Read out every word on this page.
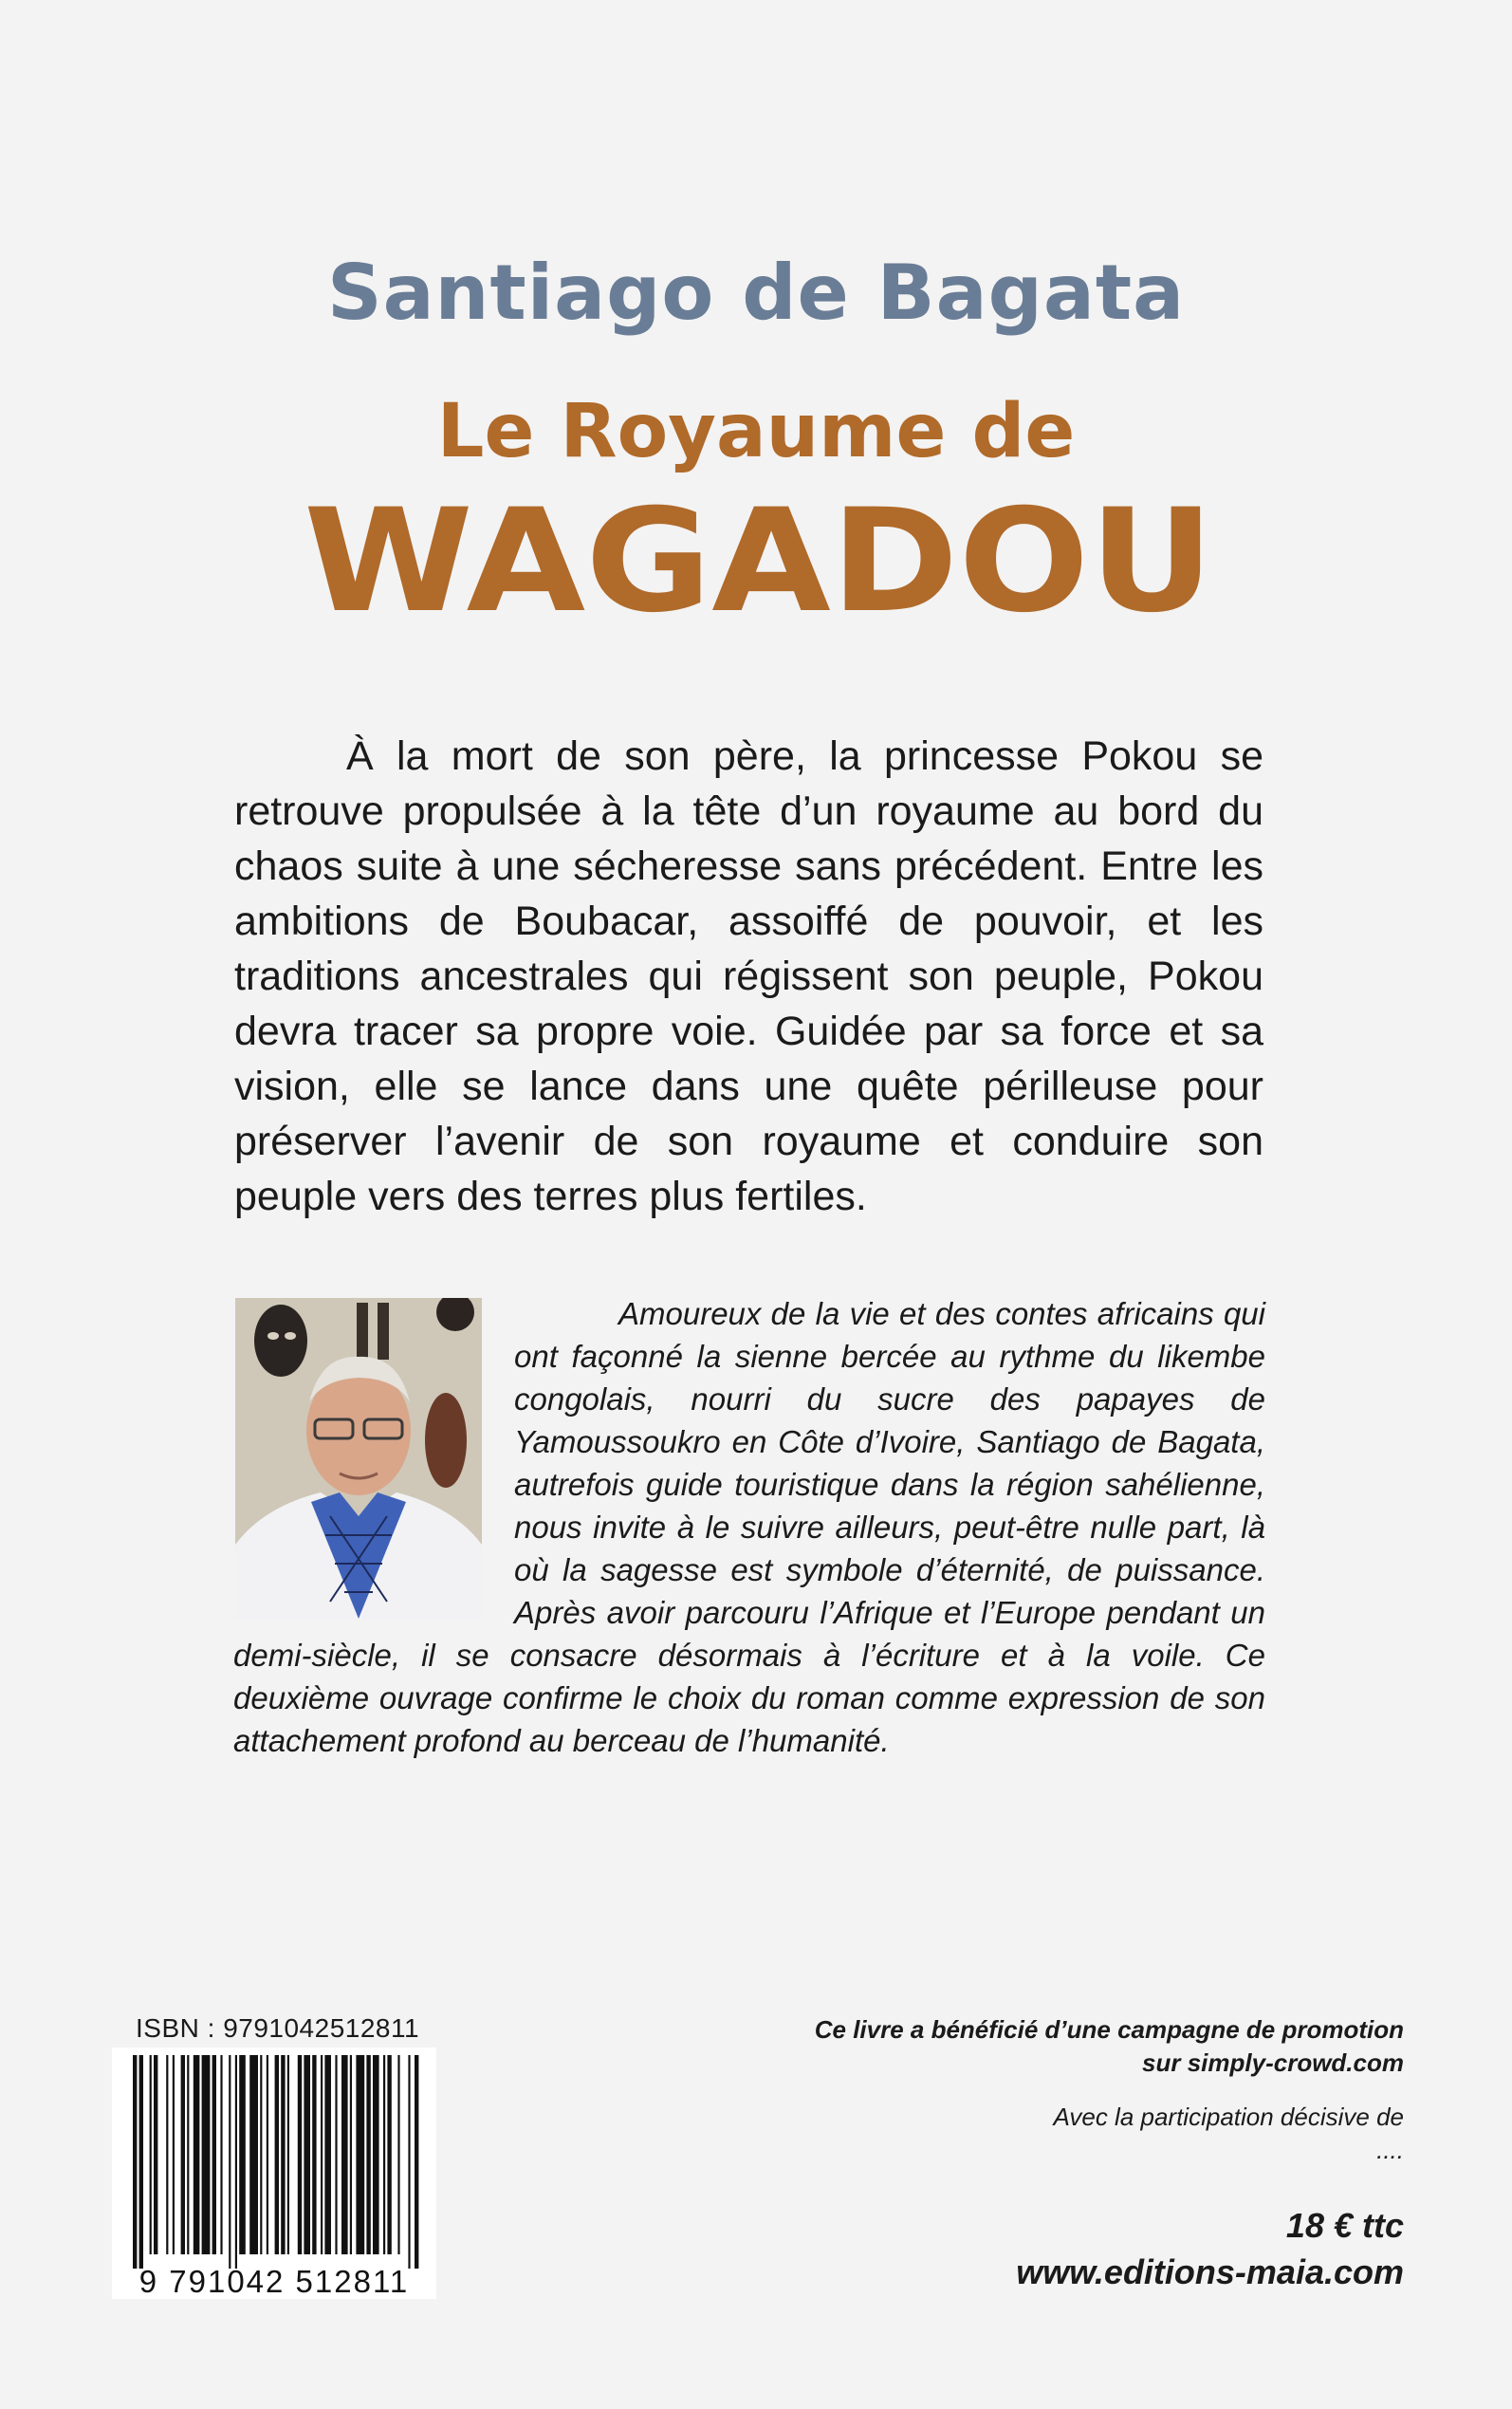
Santiago de Bagata
Le Royaume de
WAGADOU

À la mort de son père, la princesse Pokou se retrouve propulsée à la tête d’un royaume au bord du chaos suite à une sécheresse sans précédent. Entre les ambitions de Boubacar, assoiffé de pouvoir, et les traditions ancestrales qui régissent son peuple, Pokou devra tracer sa propre voie. Guidée par sa force et sa vision, elle se lance dans une quête périlleuse pour préserver l’avenir de son royaume et conduire son peuple vers des terres plus fertiles.

Amoureux de la vie et des contes africains qui ont façonné la sienne bercée au rythme du likembe congolais, nourri du sucre des papayes de Yamoussoukro en Côte d’Ivoire, Santiago de Bagata, autrefois guide touristique dans la région sahélienne, nous invite à le suivre ailleurs, peut-être nulle part, là où la sagesse est symbole d’éternité, de puissance. Après avoir parcouru l’Afrique et l’Europe pendant un demi-siècle, il se consacre désormais à l’écriture et à la voile. Ce deuxième ouvrage confirme le choix du roman comme expression de son attachement profond au berceau de l’humanité.

ISBN : 9791042512811
9 791042 512811

Ce livre a bénéficié d’une campagne de promotion
sur simply-crowd.com

Avec la participation décisive de
....
18 € ttc
www.editions-maia.com
